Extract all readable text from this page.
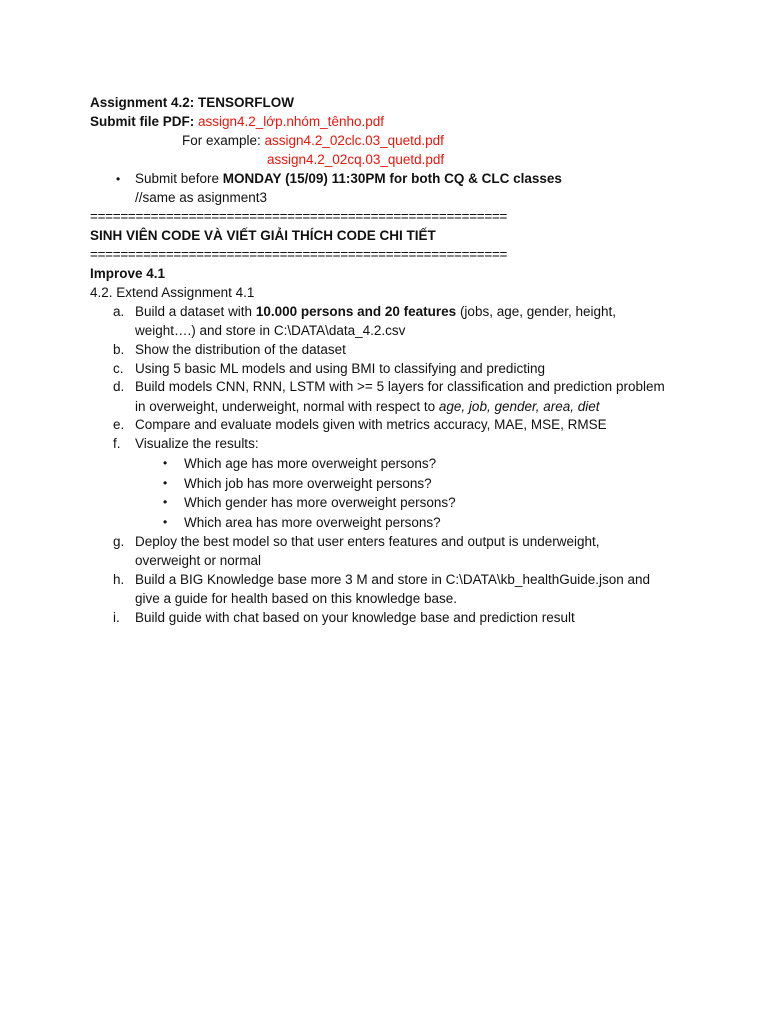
Assignment 4.2: TENSORFLOW
Submit file PDF: assign4.2_lớp.nhóm_tênho.pdf
For example: assign4.2_02clc.03_quetd.pdf
assign4.2_02cq.03_quetd.pdf
• Submit before MONDAY (15/09) 11:30PM for both CQ & CLC classes
//same as asignment3
=======================================================
SINH VIÊN CODE VÀ VIẾT GIẢI THÍCH CODE CHI TIẾT
=======================================================
Improve 4.1
4.2. Extend Assignment 4.1
a. Build a dataset with 10.000 persons and 20 features (jobs, age, gender, height,
weight….) and store in C:\DATA\data_4.2.csv
b. Show the distribution of the dataset
c. Using 5 basic ML models and using BMI to classifying and predicting
d. Build models CNN, RNN, LSTM with >= 5 layers for classification and prediction problem
in overweight, underweight, normal with respect to age, job, gender, area, diet
e. Compare and evaluate models given with metrics accuracy, MAE, MSE, RMSE
f. Visualize the results:
• Which age has more overweight persons?
• Which job has more overweight persons?
• Which gender has more overweight persons?
• Which area has more overweight persons?
g. Deploy the best model so that user enters features and output is underweight,
overweight or normal
h. Build a BIG Knowledge base more 3 M and store in C:\DATA\kb_healthGuide.json and
give a guide for health based on this knowledge base.
i. Build guide with chat based on your knowledge base and prediction result
